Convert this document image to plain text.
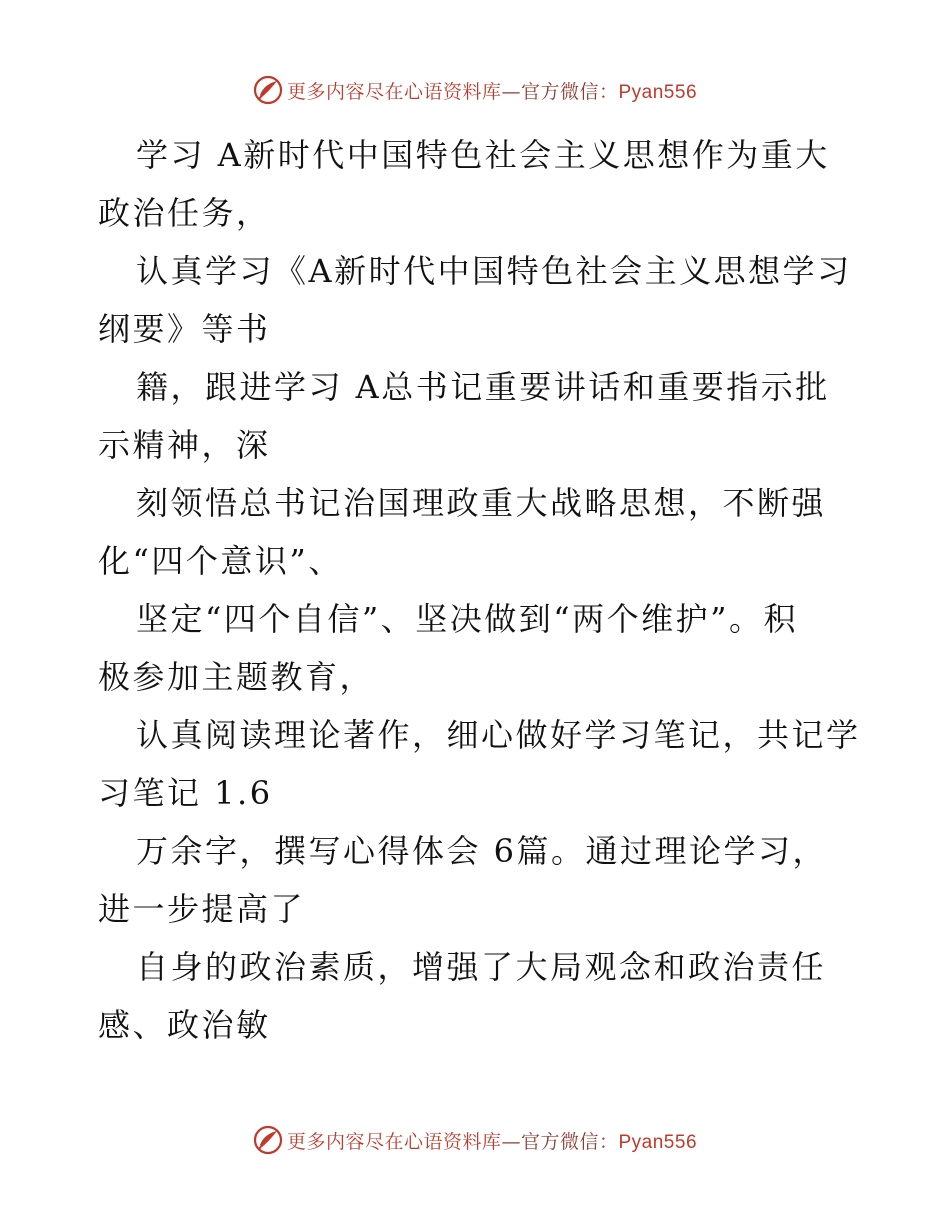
更多内容尽在心语资料库—官方微信：Pyan556

学习 A新时代中国特色社会主义思想作为重大
政治任务，

认真学习《A新时代中国特色社会主义思想学习
纲要》等书

籍，跟进学习 A总书记重要讲话和重要指示批
示精神，深

刻领悟总书记治国理政重大战略思想，不断强
化“四个意识”、

坚定“四个自信”、坚决做到“两个维护”。积
极参加主题教育，

认真阅读理论著作，细心做好学习笔记，共记学
习笔记 1.6

万余字，撰写心得体会 6篇。通过理论学习，
进一步提高了

自身的政治素质，增强了大局观念和政治责任
感、政治敏

更多内容尽在心语资料库—官方微信：Pyan556
